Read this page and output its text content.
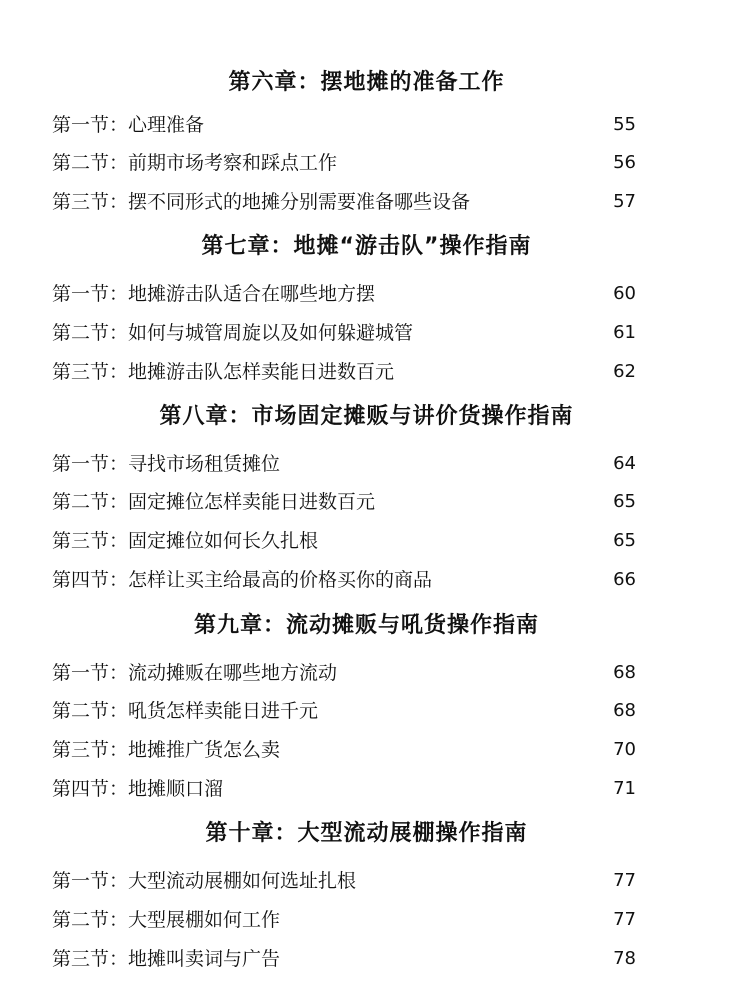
第六章：摆地摊的准备工作
第一节：心理准备	55
第二节：前期市场考察和踩点工作	56
第三节：摆不同形式的地摊分别需要准备哪些设备	57
第七章：地摊“游击队”操作指南
第一节：地摊游击队适合在哪些地方摆	60
第二节：如何与城管周旋以及如何躲避城管	61
第三节：地摊游击队怎样卖能日进数百元	62
第八章：市场固定摊贩与讲价货操作指南
第一节：寻找市场租赁摊位	64
第二节：固定摊位怎样卖能日进数百元	65
第三节：固定摊位如何长久扎根	65
第四节：怎样让买主给最高的价格买你的商品	66
第九章：流动摊贩与吼货操作指南
第一节：流动摊贩在哪些地方流动	68
第二节：吼货怎样卖能日进千元	68
第三节：地摊推广货怎么卖	70
第四节：地摊顺口溜	71
第十章：大型流动展棚操作指南
第一节：大型流动展棚如何选址扎根	77
第二节：大型展棚如何工作	77
第三节：地摊叫卖词与广告	78
